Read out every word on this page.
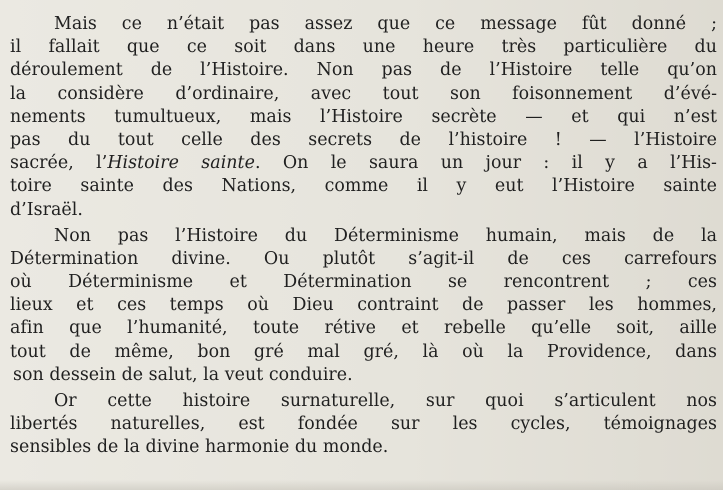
Mais ce n’était pas assez que ce message fût donné ;
il fallait que ce soit dans une heure très particulière du
déroulement de l’Histoire. Non pas de l’Histoire telle qu’on
la considère d’ordinaire, avec tout son foisonnement d’évé-
nements tumultueux, mais l’Histoire secrète — et qui n’est
pas du tout celle des secrets de l’histoire ! — l’Histoire
sacrée, l’Histoire sainte. On le saura un jour : il y a l’His-
toire sainte des Nations, comme il y eut l’Histoire sainte
d’Israël.
Non pas l’Histoire du Déterminisme humain, mais de la
Détermination divine. Ou plutôt s’agit-il de ces carrefours
où Déterminisme et Détermination se rencontrent ; ces
lieux et ces temps où Dieu contraint de passer les hommes,
afin que l’humanité, toute rétive et rebelle qu’elle soit, aille
tout de même, bon gré mal gré, là où la Providence, dans
son dessein de salut, la veut conduire.
Or cette histoire surnaturelle, sur quoi s’articulent nos
libertés naturelles, est fondée sur les cycles, témoignages
sensibles de la divine harmonie du monde.
